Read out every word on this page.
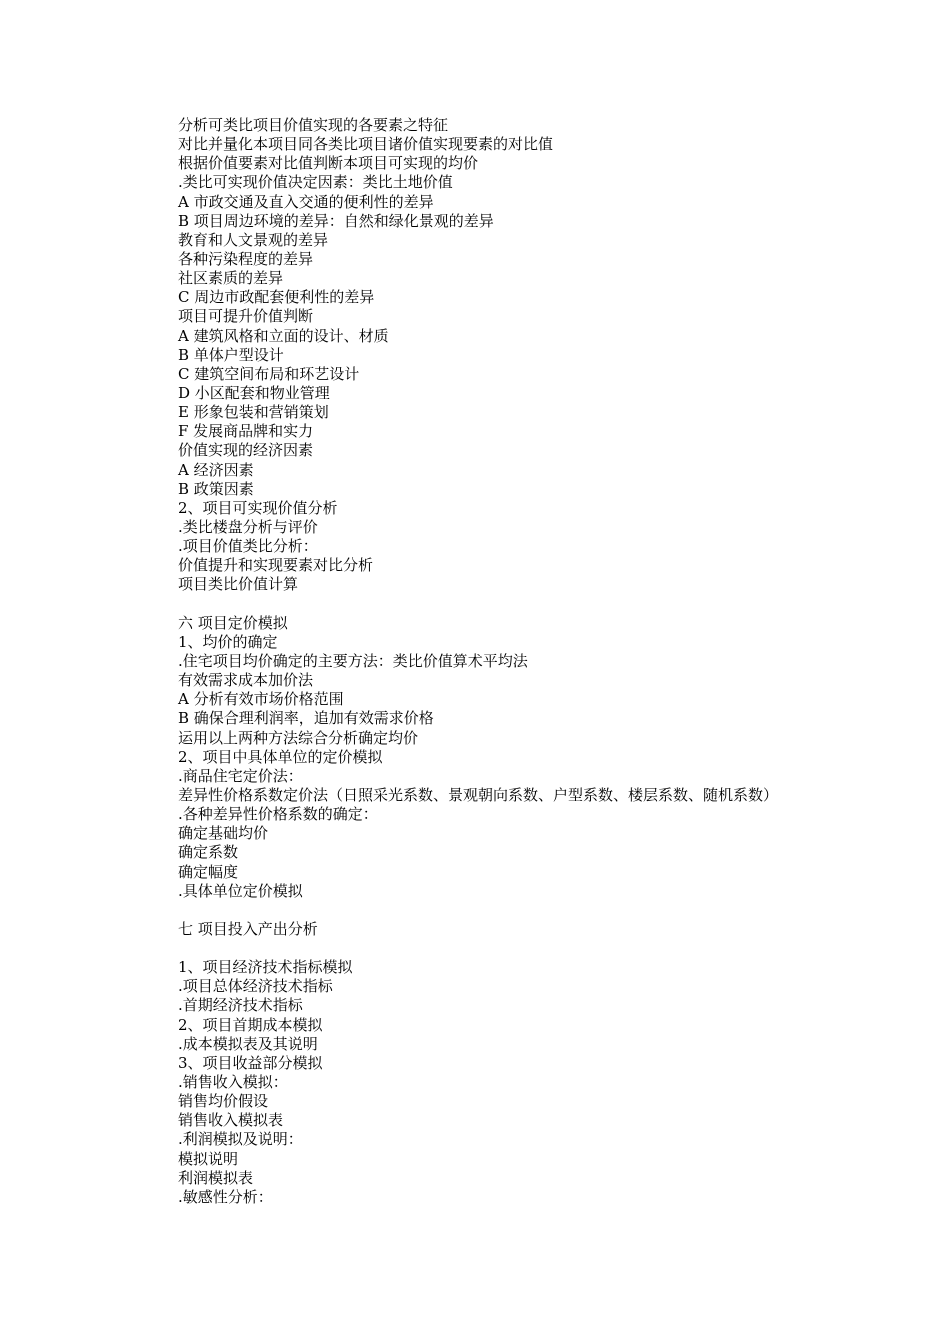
分析可类比项目价值实现的各要素之特征
对比并量化本项目同各类比项目诸价值实现要素的对比值
根据价值要素对比值判断本项目可实现的均价
.类比可实现价值决定因素：类比土地价值
A 市政交通及直入交通的便利性的差异
B 项目周边环境的差异：自然和绿化景观的差异
教育和人文景观的差异
各种污染程度的差异
社区素质的差异
C 周边市政配套便利性的差异
项目可提升价值判断
A 建筑风格和立面的设计、材质
B 单体户型设计
C 建筑空间布局和环艺设计
D 小区配套和物业管理
E 形象包装和营销策划
F 发展商品牌和实力
价值实现的经济因素
A 经济因素
B 政策因素
2、项目可实现价值分析
.类比楼盘分析与评价
.项目价值类比分析：
价值提升和实现要素对比分析
项目类比价值计算
六 项目定价模拟
1、均价的确定
.住宅项目均价确定的主要方法：类比价值算术平均法
有效需求成本加价法
A 分析有效市场价格范围
B 确保合理利润率，追加有效需求价格
运用以上两种方法综合分析确定均价
2、项目中具体单位的定价模拟
.商品住宅定价法：
差异性价格系数定价法（日照采光系数、景观朝向系数、户型系数、楼层系数、随机系数）
.各种差异性价格系数的确定：
确定基础均价
确定系数
确定幅度
.具体单位定价模拟
七 项目投入产出分析
1、项目经济技术指标模拟
.项目总体经济技术指标
.首期经济技术指标
2、项目首期成本模拟
.成本模拟表及其说明
3、项目收益部分模拟
.销售收入模拟：
销售均价假设
销售收入模拟表
.利润模拟及说明：
模拟说明
利润模拟表
.敏感性分析：
